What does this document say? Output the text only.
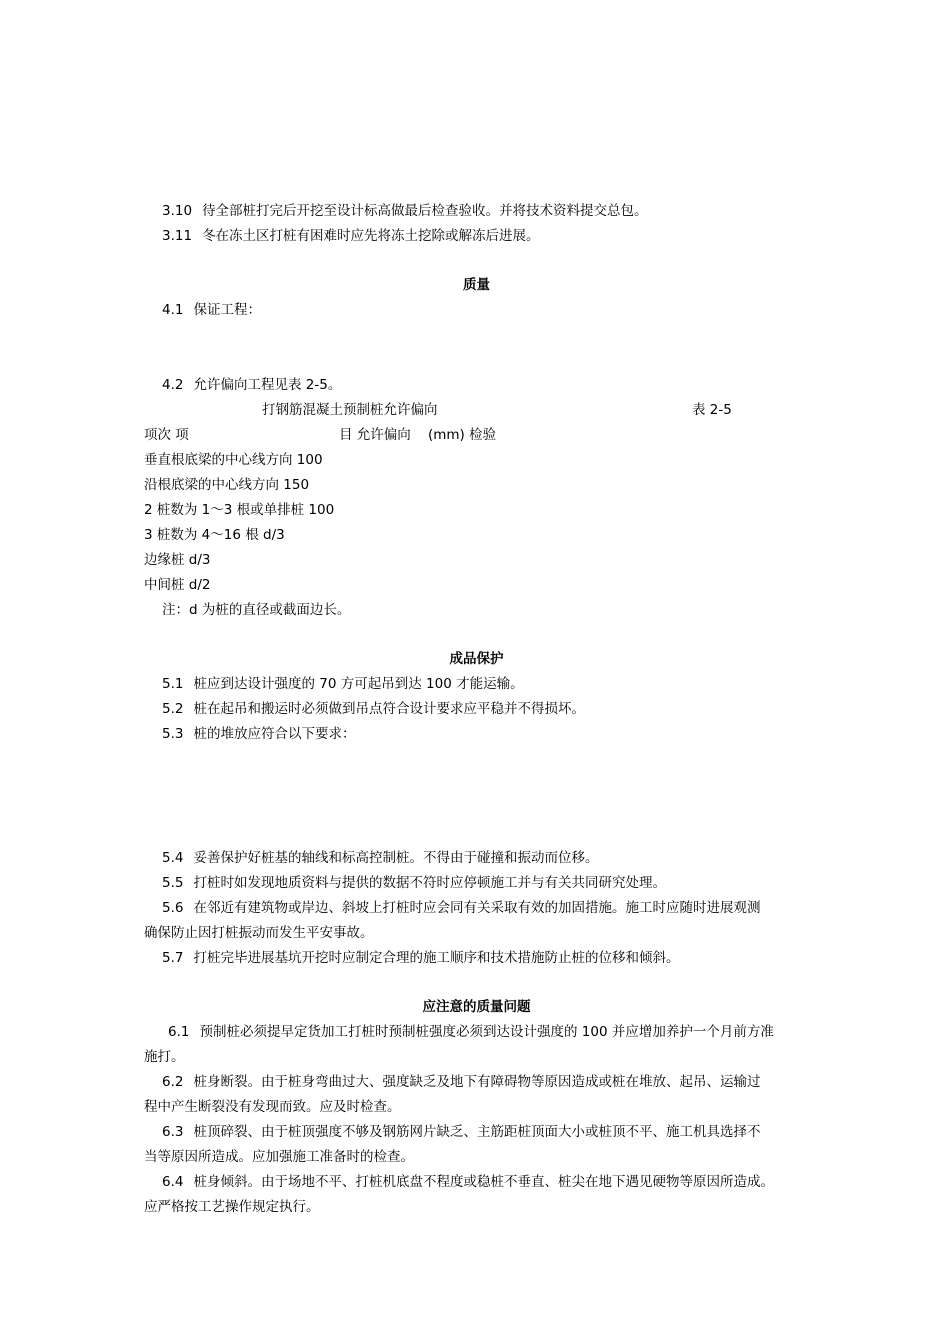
3.10 待全部桩打完后开挖至设计标高做最后检查验收。并将技术资料提交总包。
3.11 冬在冻土区打桩有困难时应先将冻土挖除或解冻后进展。
质量
4.1 保证工程：
4.2 允许偏向工程见表 2-5。
打钢筋混凝土预制桩允许偏向	表 2-5
项次 项                                   目 允许偏向    (mm) 检验
垂直根底梁的中心线方向 100
沿根底梁的中心线方向 150
2 桩数为 1～3 根或单排桩 100
3 桩数为 4～16 根 d/3
边缘桩 d/3
中间桩 d/2
注：d 为桩的直径或截面边长。
成品保护
5.1 桩应到达设计强度的 70 方可起吊到达 100 才能运输。
5.2 桩在起吊和搬运时必须做到吊点符合设计要求应平稳并不得损坏。
5.3 桩的堆放应符合以下要求：
5.4 妥善保护好桩基的轴线和标高控制桩。不得由于碰撞和振动而位移。
5.5 打桩时如发现地质资料与提供的数据不符时应停顿施工并与有关共同研究处理。
5.6 在邻近有建筑物或岸边、斜坡上打桩时应会同有关采取有效的加固措施。施工时应随时进展观测
确保防止因打桩振动而发生平安事故。
5.7 打桩完毕进展基坑开挖时应制定合理的施工顺序和技术措施防止桩的位移和倾斜。
应注意的质量问题
6.1 预制桩必须提早定货加工打桩时预制桩强度必须到达设计强度的 100 并应增加养护一个月前方准
施打。
6.2 桩身断裂。由于桩身弯曲过大、强度缺乏及地下有障碍物等原因造成或桩在堆放、起吊、运输过
程中产生断裂没有发现而致。应及时检查。
6.3 桩顶碎裂、由于桩顶强度不够及钢筋网片缺乏、主筋距桩顶面大小或桩顶不平、施工机具选择不
当等原因所造成。应加强施工准备时的检查。
6.4 桩身倾斜。由于场地不平、打桩机底盘不程度或稳桩不垂直、桩尖在地下遇见硬物等原因所造成。
应严格按工艺操作规定执行。
